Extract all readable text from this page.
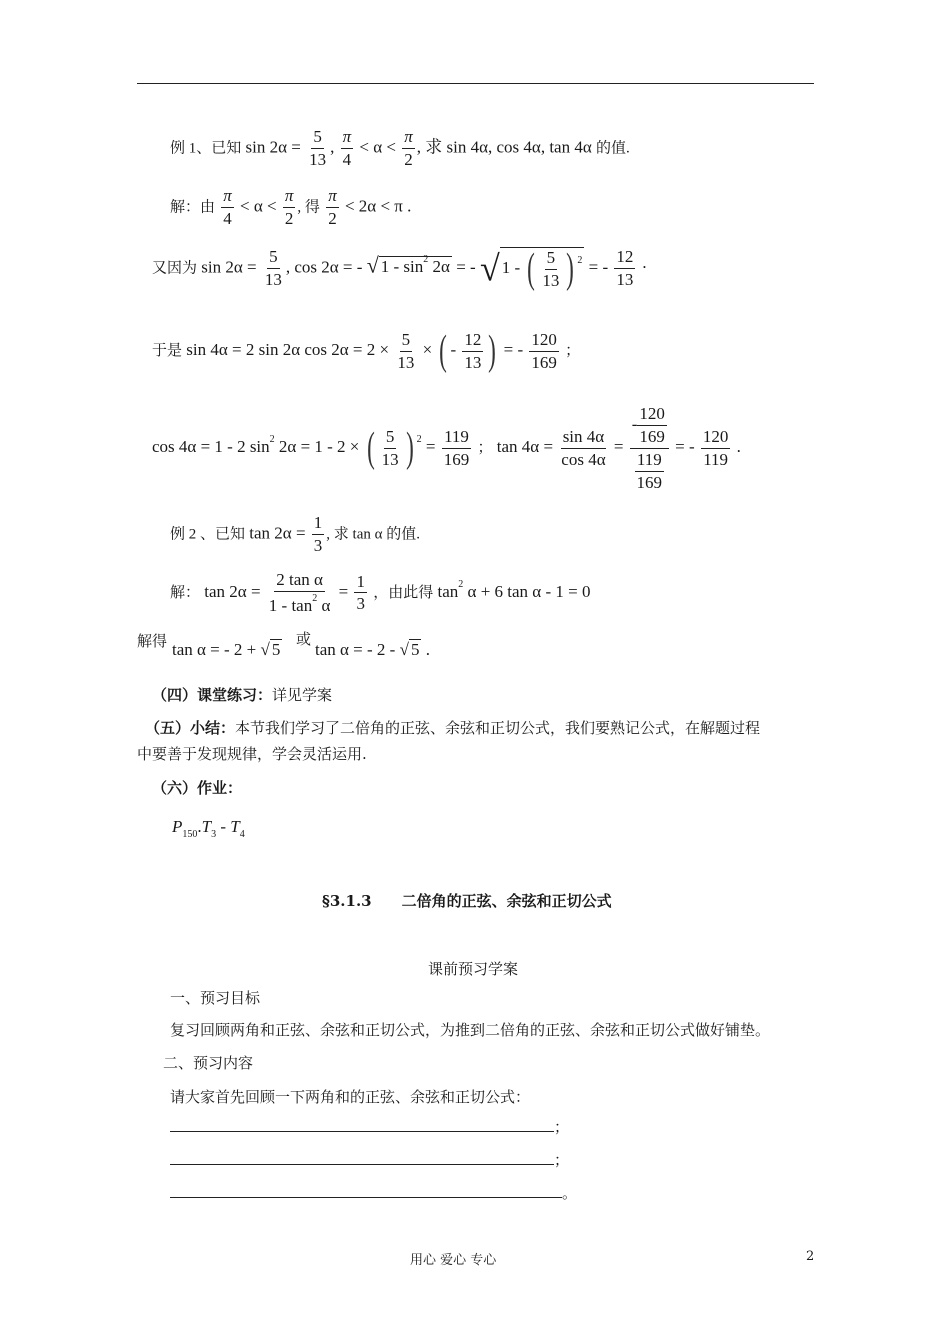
例 1、已知 $\sin 2\alpha = \frac{5}{13}$ , $\frac{\pi}{4} < \alpha < \frac{\pi}{2}$ , 求 sin 4α, cos 4α, tan 4α 的值.
解：由 $\frac{\pi}{4} < \alpha < \frac{\pi}{2}$ , 得 $\frac{\pi}{2} < 2\alpha < \pi$ .
又因为 $\sin 2\alpha = \frac{5}{13}$ , cos 2α = - √ $1 - \sin^2 2\alpha$ = - √ 1 - ( $\frac{5}{13}$ ) $^2$ = - $\frac{12}{13}$ ·
于是 sin 4α = 2 sin 2α $\cos 2\alpha = 2 \times \frac{5}{13}$ × ( - $\frac{12}{13}$ ) = - $\frac{120}{169}$ ；
cos 4α = 1 - 2 $\sin^2 2\alpha = 1 - 2$ × ( $\frac{5}{13}$ ) $^2 = \frac{119}{169}$ ； $\tan 4\alpha = \frac{\sin 4\alpha}{\cos 4\alpha} = \frac{- \frac{120}{169}}{\frac{119}{169}}$ = - $\frac{120}{119}$ .
例 2 、已知 $\tan 2\alpha = \frac{1}{3}$ , 求 tan α 的值.
解： $\tan 2\alpha = \frac{\text{2 tan α}}{1 - \tan^2 \alpha} = \frac{1}{3}$ ，由此得 $\tan^2 \alpha + 6$ tan α - 1 = 0
解得 tan α = - 2 + √ 5
或
tan α = - 2 - √ 5 .
（四）课堂练习：详见学案
（五）小结：本节我们学习了二倍角的正弦、余弦和正切公式，我们要熟记公式，在解题过程
中要善于发现规律，学会灵活运用.
（六）作业：
$P_{150}.T_3 - T_4$
§3.1.3　　二倍角的正弦、余弦和正切公式
课前预习学案
一、预习目标
复习回顾两角和正弦、余弦和正切公式，为推到二倍角的正弦、余弦和正切公式做好铺垫。
二、预习内容
请大家首先回顾一下两角和的正弦、余弦和正切公式：
；
；
。
用心 爱心 专心	2
